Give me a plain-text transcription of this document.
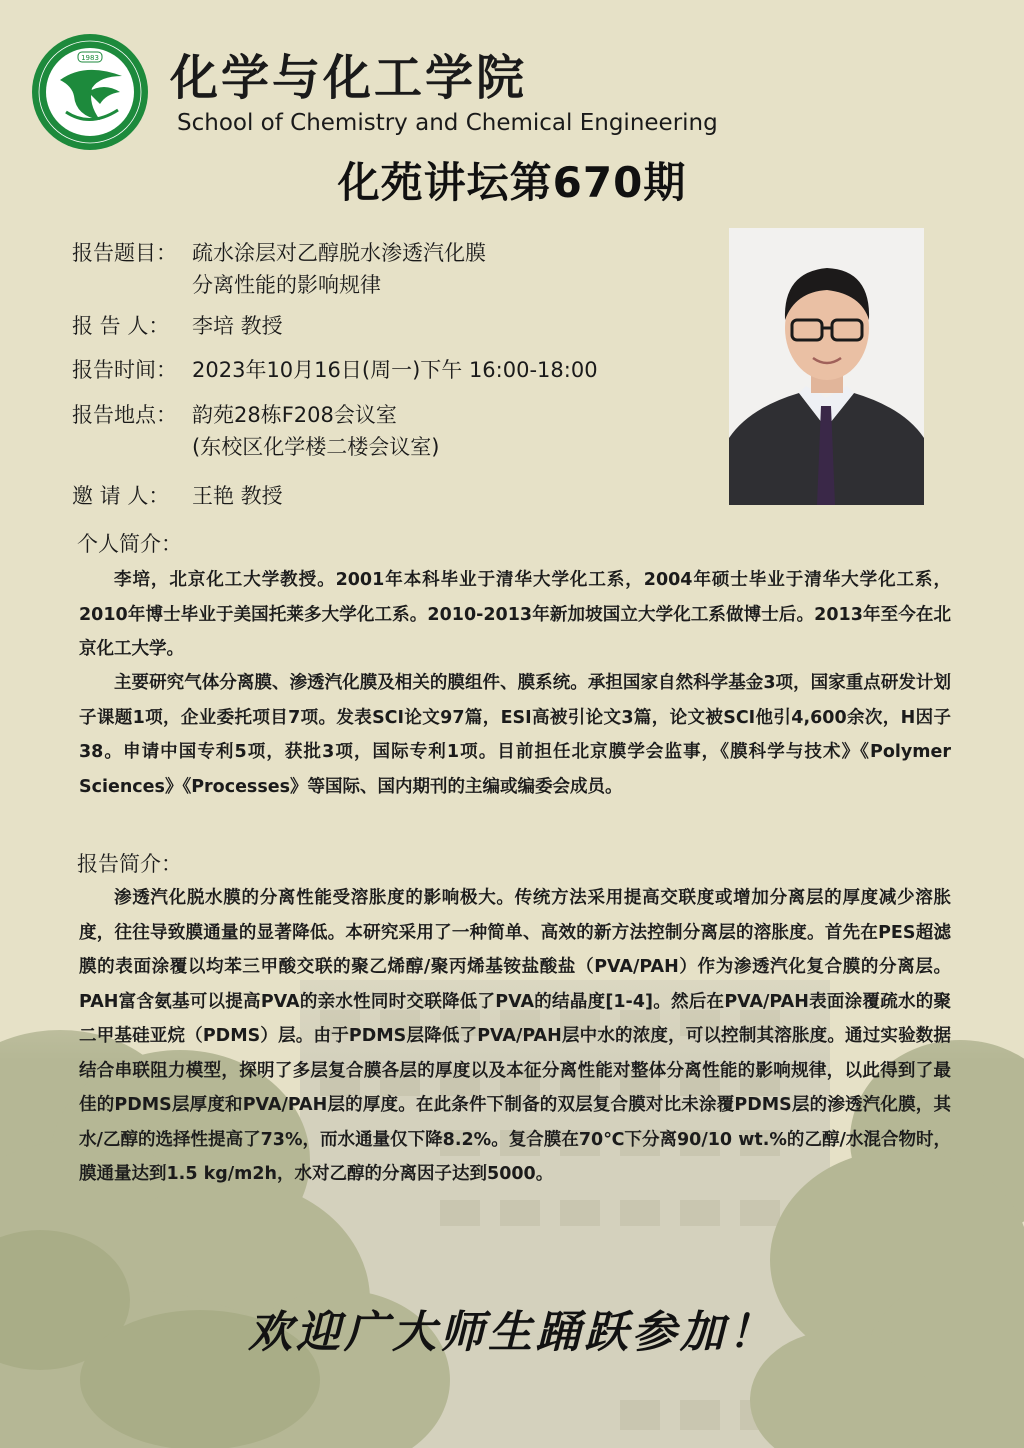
1983 化学与化工学院
School of Chemistry and Chemical Engineering
化苑讲坛第670期
报告题目： 疏水涂层对乙醇脱水渗透汽化膜
分离性能的影响规律
报 告 人： 李培 教授
报告时间： 2023年10月16日(周一)下午 16:00-18:00
报告地点： 韵苑28栋F208会议室
(东校区化学楼二楼会议室)
邀 请 人： 王艳 教授
个人简介：
李培，北京化工大学教授。2001年本科毕业于清华大学化工系，2004年硕士毕业于清华大学化工系，2010年博士毕业于美国托莱多大学化工系。2010-2013年新加坡国立大学化工系做博士后。2013年至今在北京化工大学。
主要研究气体分离膜、渗透汽化膜及相关的膜组件、膜系统。承担国家自然科学基金3项，国家重点研发计划子课题1项，企业委托项目7项。发表SCI论文97篇，ESI高被引论文3篇，论文被SCI他引4,600余次，H因子38。申请中国专利5项，获批3项，国际专利1项。目前担任北京膜学会监事，《膜科学与技术》《Polymer Sciences》《Processes》等国际、国内期刊的主编或编委会成员。
报告简介：
渗透汽化脱水膜的分离性能受溶胀度的影响极大。传统方法采用提高交联度或增加分离层的厚度减少溶胀度，往往导致膜通量的显著降低。本研究采用了一种简单、高效的新方法控制分离层的溶胀度。首先在PES超滤膜的表面涂覆以均苯三甲酸交联的聚乙烯醇/聚丙烯基铵盐酸盐（PVA/PAH）作为渗透汽化复合膜的分离层。PAH富含氨基可以提高PVA的亲水性同时交联降低了PVA的结晶度[1-4]。然后在PVA/PAH表面涂覆疏水的聚二甲基硅亚烷（PDMS）层。由于PDMS层降低了PVA/PAH层中水的浓度，可以控制其溶胀度。通过实验数据结合串联阻力模型，探明了多层复合膜各层的厚度以及本征分离性能对整体分离性能的影响规律，以此得到了最佳的PDMS层厚度和PVA/PAH层的厚度。在此条件下制备的双层复合膜对比未涂覆PDMS层的渗透汽化膜，其水/乙醇的选择性提高了73%，而水通量仅下降8.2%。复合膜在70℃下分离90/10 wt.%的乙醇/水混合物时，膜通量达到1.5 kg/m2h，水对乙醇的分离因子达到5000。
欢迎广大师生踊跃参加！
